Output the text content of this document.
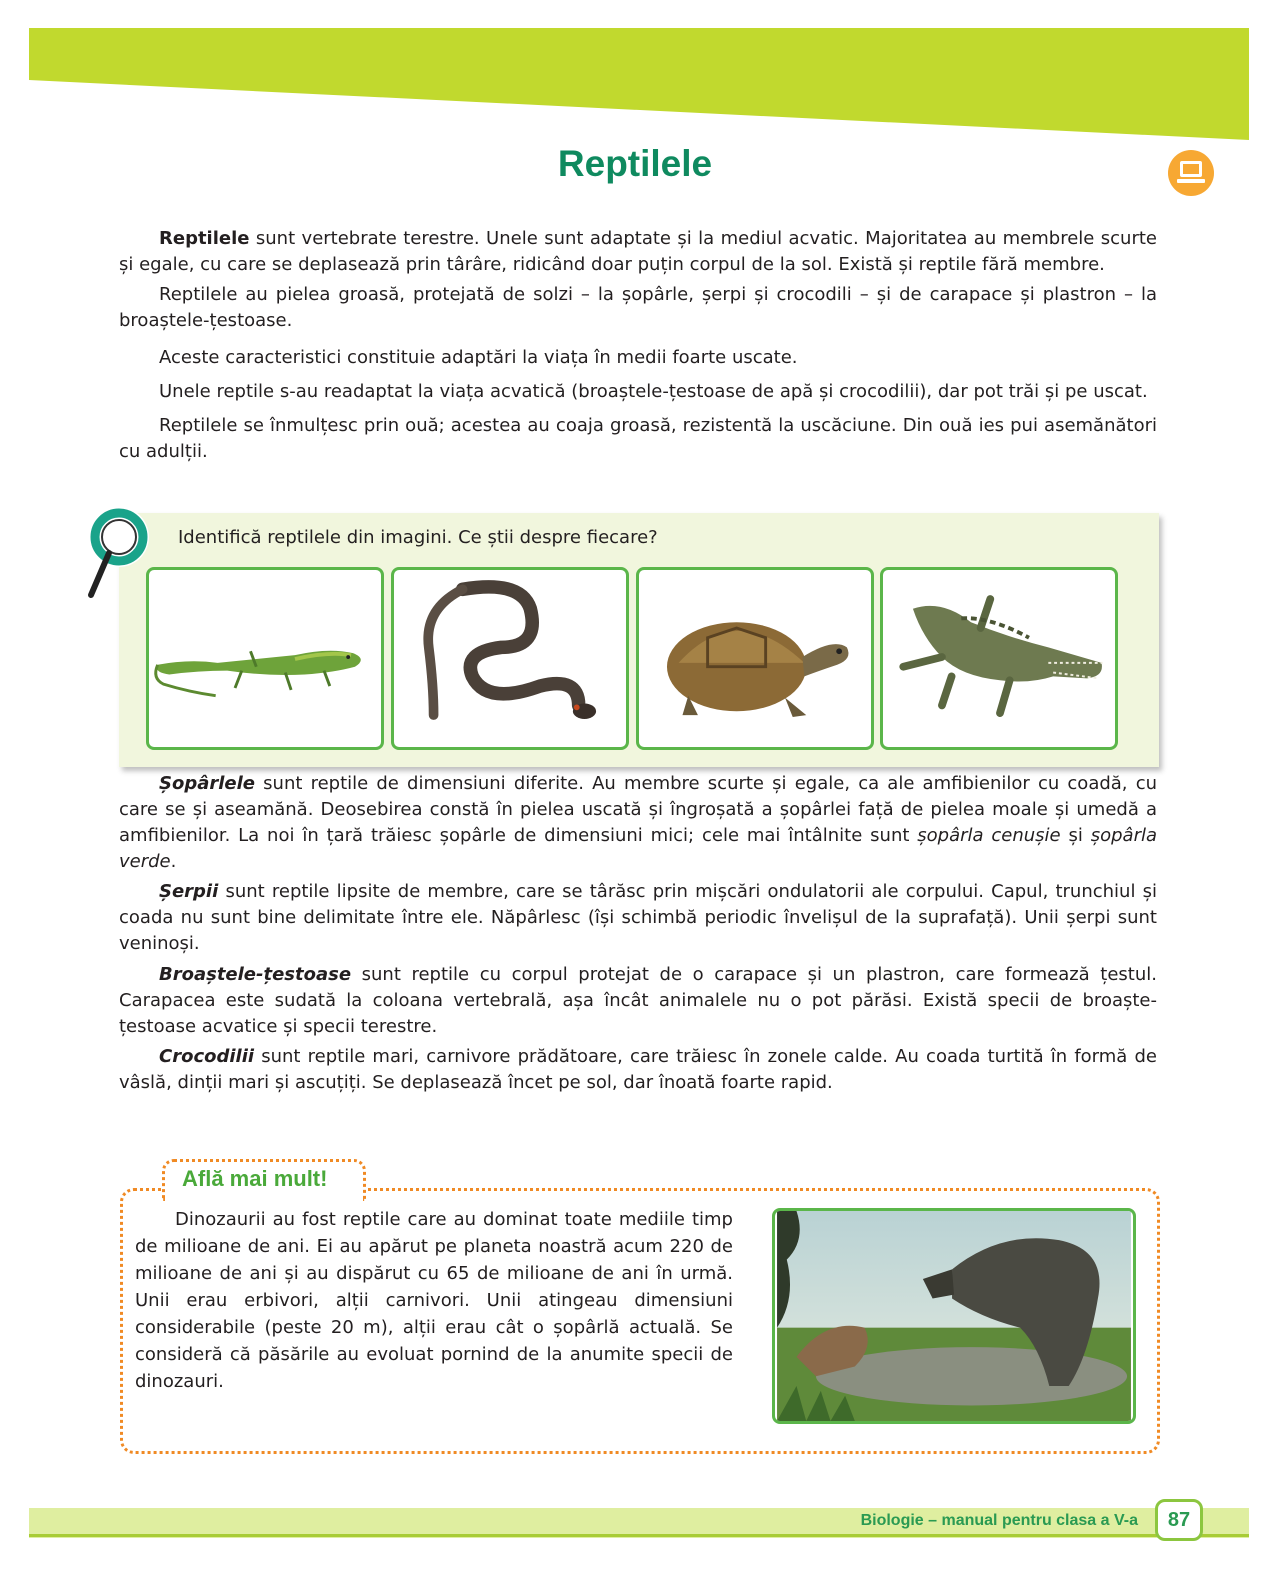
Reptilele

Reptilele sunt vertebrate terestre. Unele sunt adaptate și la mediul acvatic. Majoritatea au membrele scurte și egale, cu care se deplasează prin târâre, ridicând doar puțin corpul de la sol. Există și reptile fără membre.

Reptilele au pielea groasă, protejată de solzi – la șopârle, șerpi și crocodili – și de carapace și plastron – la broaștele-țestoase.

Aceste caracteristici constituie adaptări la viața în medii foarte uscate.

Unele reptile s-au readaptat la viața acvatică (broaștele-țestoase de apă și crocodilii), dar pot trăi și pe uscat.

Reptilele se înmulțesc prin ouă; acestea au coaja groasă, rezistentă la uscăciune. Din ouă ies pui asemănători cu adulții.

Identifică reptilele din imagini. Ce știi despre fiecare?

Șopârlele sunt reptile de dimensiuni diferite. Au membre scurte și egale, ca ale amfibienilor cu coadă, cu care se și aseamănă. Deosebirea constă în pielea uscată și îngroșată a șopârlei față de pielea moale și umedă a amfibienilor. La noi în țară trăiesc șopârle de dimensiuni mici; cele mai întâlnite sunt șopârla cenușie și șopârla verde.

Șerpii sunt reptile lipsite de membre, care se târăsc prin mișcări ondulatorii ale corpului. Capul, trunchiul și coada nu sunt bine delimitate între ele. Năpârlesc (își schimbă periodic învelișul de la suprafață). Unii șerpi sunt veninoși.

Broaștele-țestoase sunt reptile cu corpul protejat de o carapace și un plastron, care formează țestul. Carapacea este sudată la coloana vertebrală, așa încât animalele nu o pot părăsi. Există specii de broaște-țestoase acvatice și specii terestre.

Crocodilii sunt reptile mari, carnivore prădătoare, care trăiesc în zonele calde. Au coada turtită în formă de vâslă, dinții mari și ascuțiți. Se deplasează încet pe sol, dar înoată foarte rapid.

Află mai mult!

Dinozaurii au fost reptile care au dominat toate mediile timp de milioane de ani. Ei au apărut pe planeta noastră acum 220 de milioane de ani și au dispărut cu 65 de milioane de ani în urmă. Unii erau erbivori, alții carnivori. Unii atingeau dimensiuni considerabile (peste 20 m), alții erau cât o șopârlă actuală. Se consideră că păsările au evoluat pornind de la anumite specii de dinozauri.

Biologie – manual pentru clasa a V-a	87
